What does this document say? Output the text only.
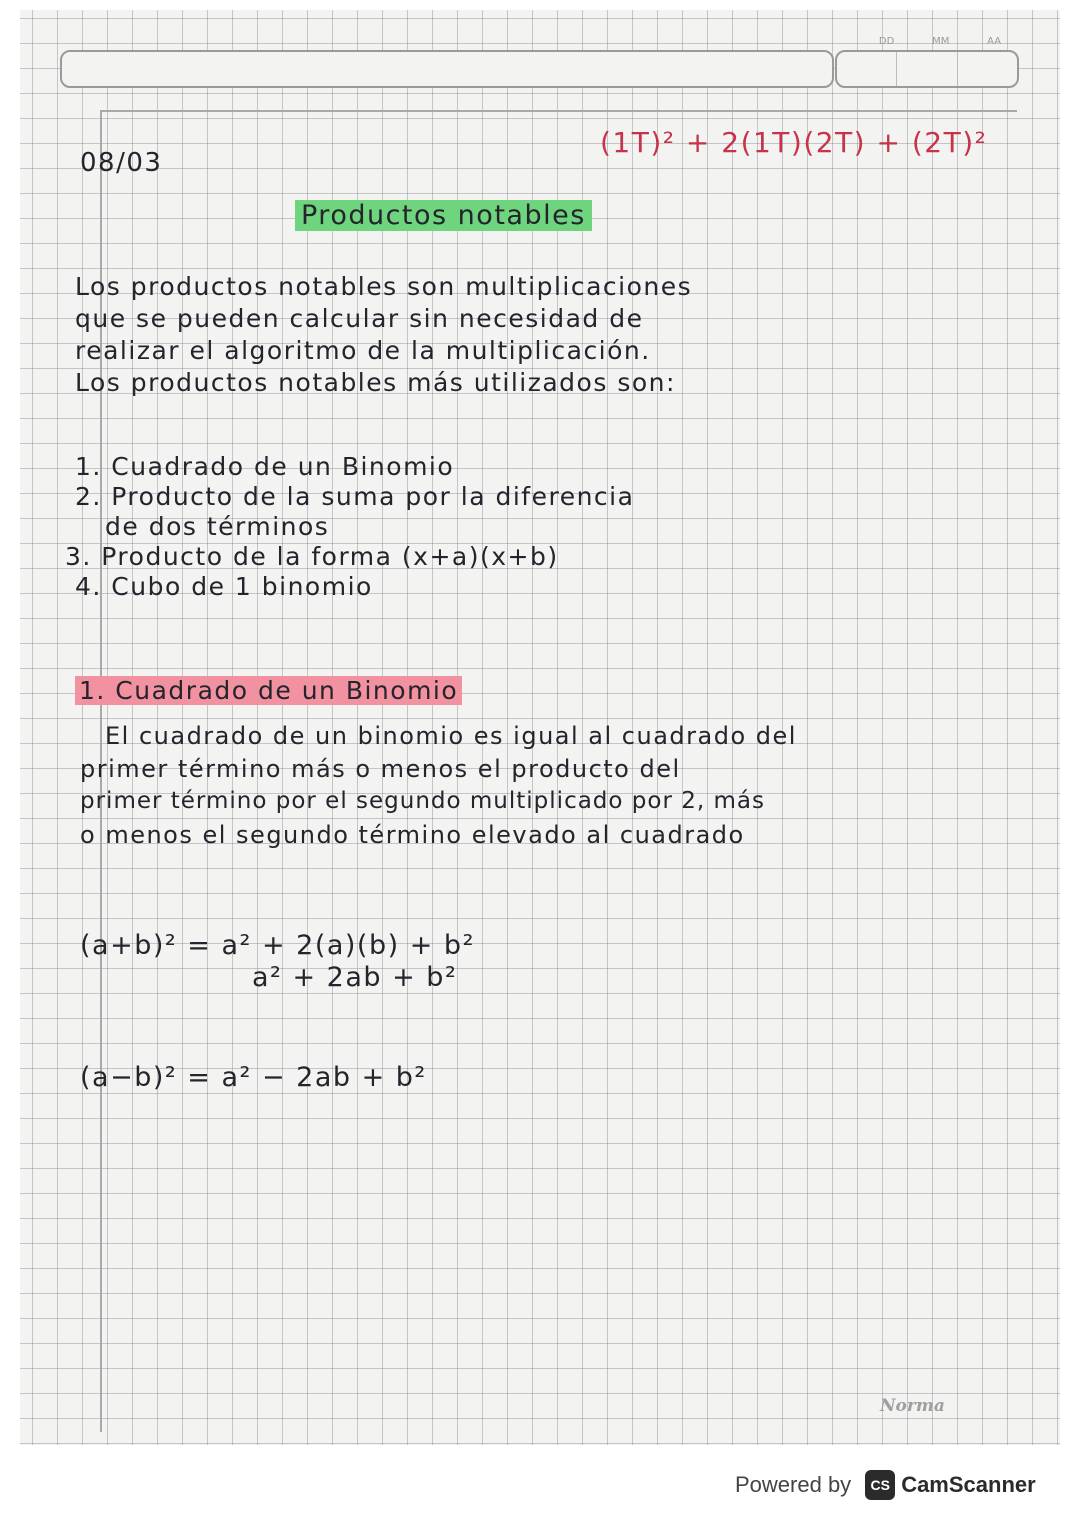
DD	MM	AA

08/03

(1T)² + 2(1T)(2T) + (2T)²

Productos notables

Los productos notables son multiplicaciones

que se pueden calcular sin necesidad de

realizar el algoritmo de la multiplicación.

Los productos notables más utilizados son:

1. Cuadrado de un Binomio

2. Producto de la suma por la diferencia

de dos términos

3. Producto de la forma (x+a)(x+b)

4. Cubo de 1 binomio

1. Cuadrado de un Binomio

El cuadrado de un binomio es igual al cuadrado del

primer término más o menos el producto del

primer término por el segundo multiplicado por 2, más

o menos el segundo término elevado al cuadrado

(a+b)² = a² + 2(a)(b) + b²

a² + 2ab + b²

(a−b)² = a² − 2ab + b²

Norma
Powered by	CS CamScanner
